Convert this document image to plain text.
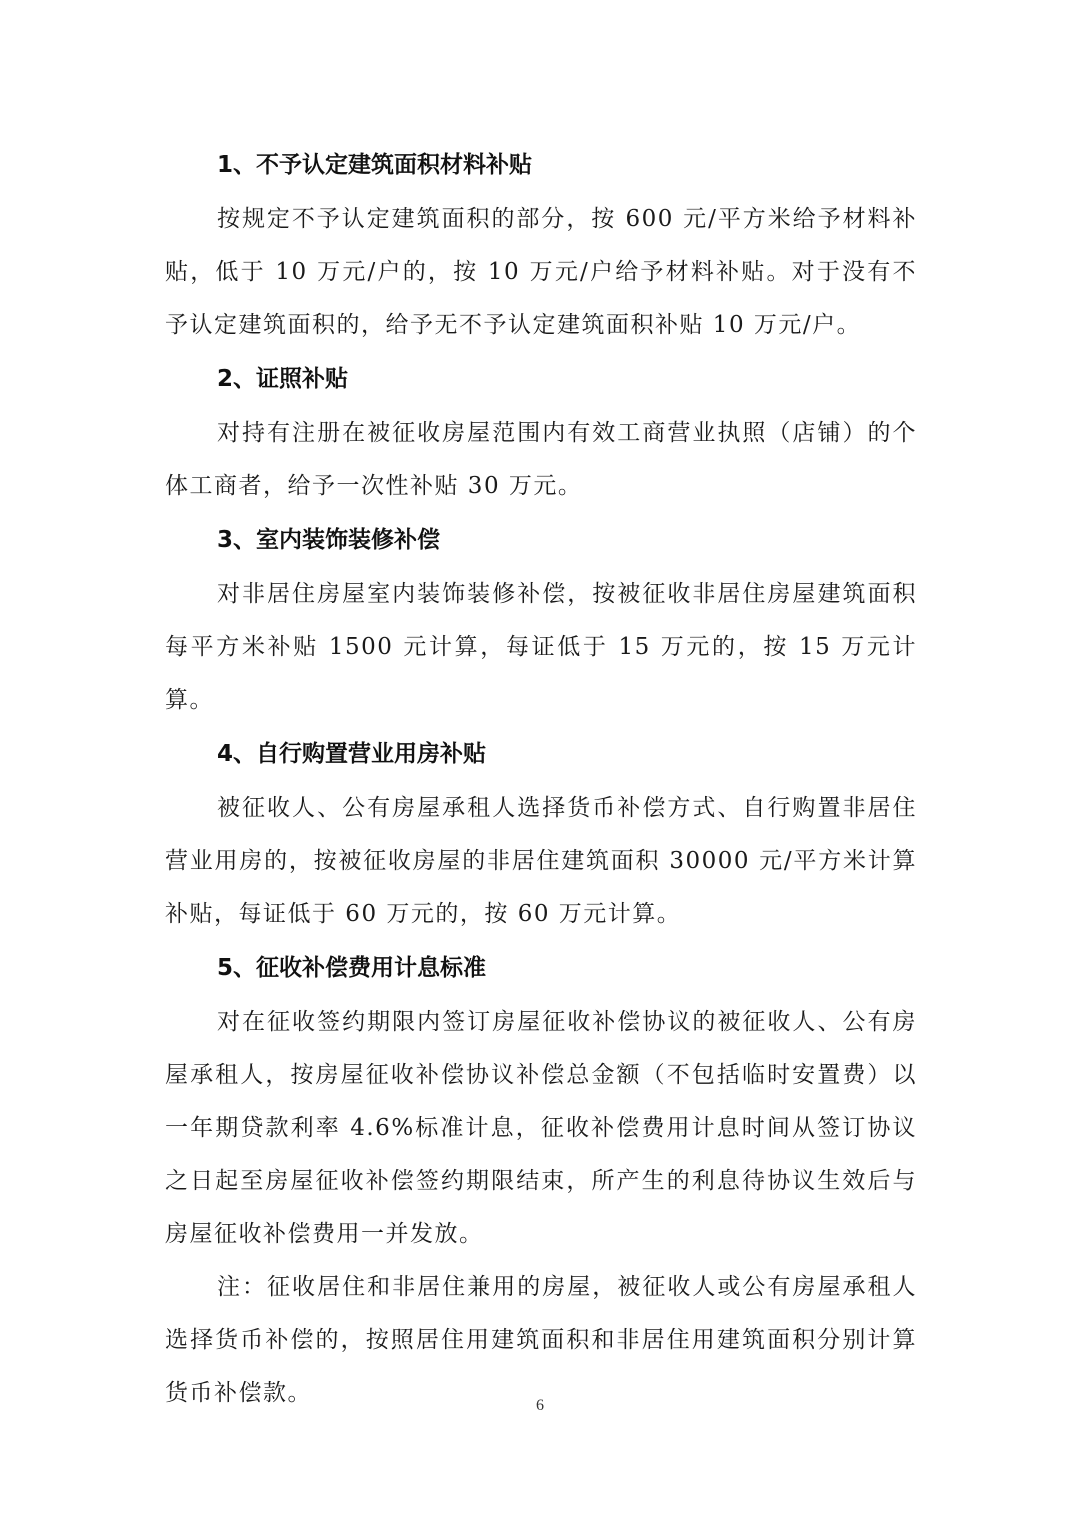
1、不予认定建筑面积材料补贴

按规定不予认定建筑面积的部分，按 600 元/平方米给予材料补贴，低于 10 万元/户的，按 10 万元/户给予材料补贴。对于没有不予认定建筑面积的，给予无不予认定建筑面积补贴 10 万元/户。

2、证照补贴

对持有注册在被征收房屋范围内有效工商营业执照（店铺）的个体工商者，给予一次性补贴 30 万元。

3、室内装饰装修补偿

对非居住房屋室内装饰装修补偿，按被征收非居住房屋建筑面积每平方米补贴 1500 元计算，每证低于 15 万元的，按 15 万元计算。

4、自行购置营业用房补贴

被征收人、公有房屋承租人选择货币补偿方式、自行购置非居住营业用房的，按被征收房屋的非居住建筑面积 30000 元/平方米计算补贴，每证低于 60 万元的，按 60 万元计算。

5、征收补偿费用计息标准

对在征收签约期限内签订房屋征收补偿协议的被征收人、公有房屋承租人，按房屋征收补偿协议补偿总金额（不包括临时安置费）以一年期贷款利率 4.6%标准计息，征收补偿费用计息时间从签订协议之日起至房屋征收补偿签约期限结束，所产生的利息待协议生效后与房屋征收补偿费用一并发放。

注：征收居住和非居住兼用的房屋，被征收人或公有房屋承租人选择货币补偿的，按照居住用建筑面积和非居住用建筑面积分别计算货币补偿款。	6
